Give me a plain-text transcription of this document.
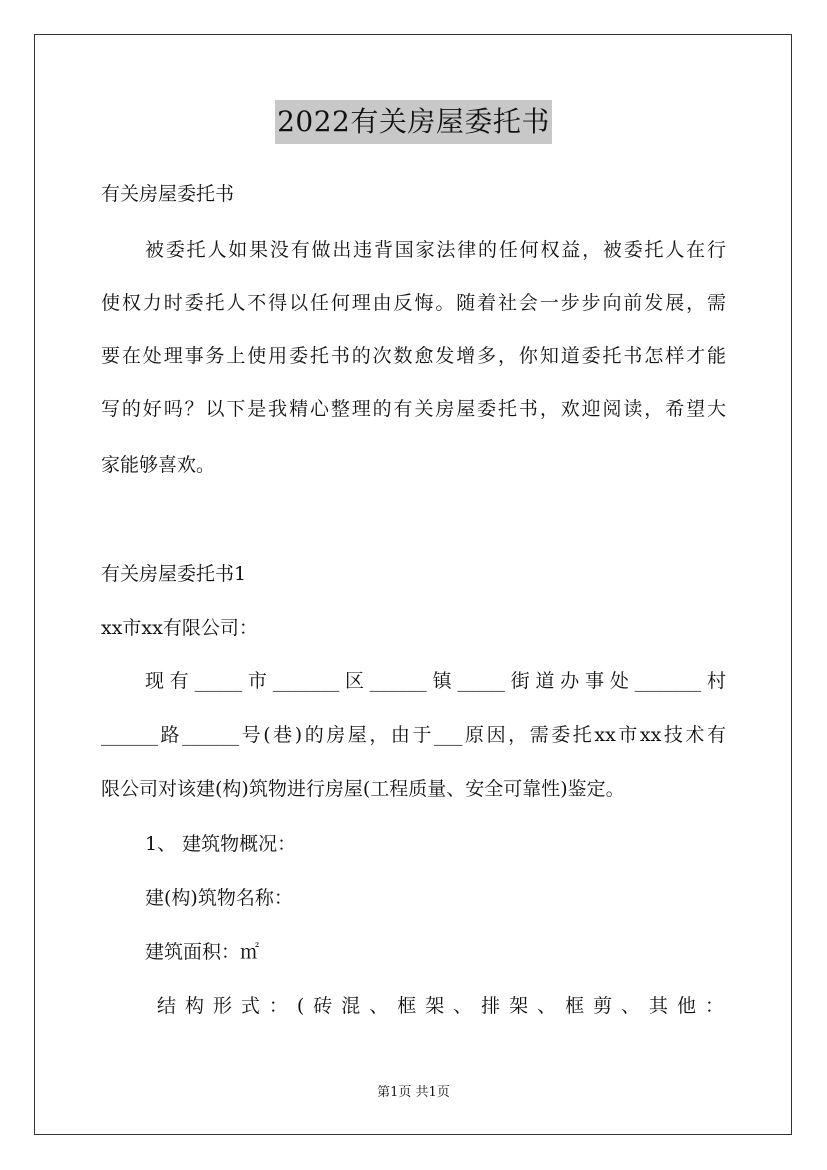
2022有关房屋委托书
有关房屋委托书
被委托人如果没有做出违背国家法律的任何权益，被委托人在行
使权力时委托人不得以任何理由反悔。随着社会一步步向前发展，需
要在处理事务上使用委托书的次数愈发增多，你知道委托书怎样才能
写的好吗？以下是我精心整理的有关房屋委托书，欢迎阅读，希望大
家能够喜欢。
有关房屋委托书1
xx市xx有限公司：
现有_____市_______区______镇_____街道办事处_______村
______路______号(巷)的房屋，由于___原因，需委托xx市xx技术有
限公司对该建(构)筑物进行房屋(工程质量、安全可靠性)鉴定。
1、 建筑物概况：
建(构)筑物名称：
建筑面积：㎡
结构形式：(砖混、框架、排架、框剪、其他：
第1页 共1页
